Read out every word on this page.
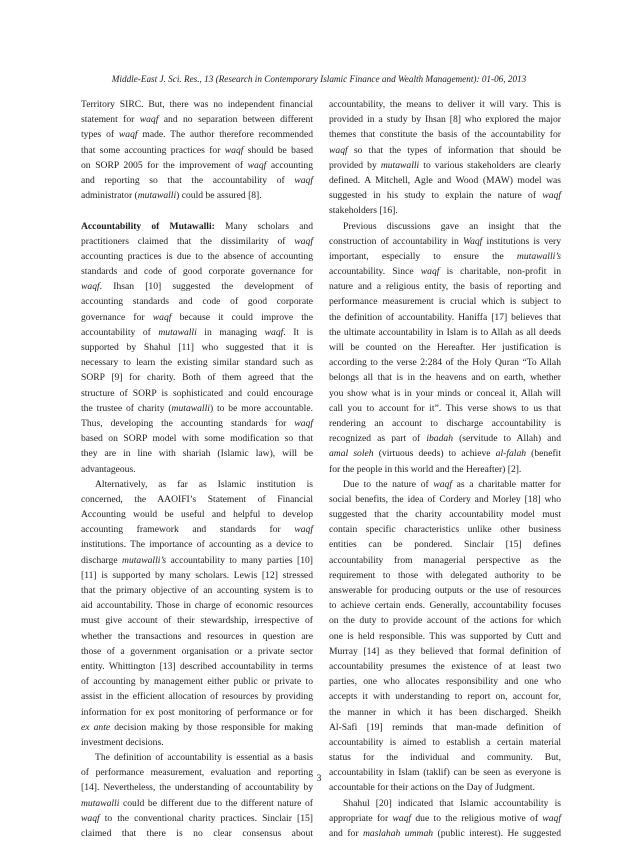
Middle-East J. Sci. Res., 13 (Research in Contemporary Islamic Finance and Wealth Management): 01-06, 2013
Territory SIRC. But, there was no independent financial
statement for waqf and no separation between different
types of waqf made. The author therefore recommended
that some accounting practices for waqf should be based
on SORP 2005 for the improvement of waqf accounting
and reporting so that the accountability of waqf
administrator (mutawalli) could be assured [8].
Accountability of Mutawalli: Many scholars and
practitioners claimed that the dissimilarity of waqf
accounting practices is due to the absence of accounting
standards and code of good corporate governance for
waqf. Ihsan [10] suggested the development of
accounting standards and code of good corporate
governance for waqf because it could improve the
accountability of mutawalli in managing waqf. It is
supported by Shahul [11] who suggested that it is
necessary to learn the existing similar standard such as
SORP [9] for charity. Both of them agreed that the
structure of SORP is sophisticated and could encourage
the trustee of charity (mutawalli) to be more accountable.
Thus, developing the accounting standards for waqf
based on SORP model with some modification so that
they are in line with shariah (Islamic law), will be
advantageous.
Alternatively, as far as Islamic institution is
concerned, the AAOIFI’s Statement of Financial
Accounting would be useful and helpful to develop
accounting framework and standards for waqf
institutions. The importance of accounting as a device to
discharge mutawalli’s accountability to many parties [10]
[11] is supported by many scholars. Lewis [12] stressed
that the primary objective of an accounting system is to
aid accountability. Those in charge of economic resources
must give account of their stewardship, irrespective of
whether the transactions and resources in question are
those of a government organisation or a private sector
entity. Whittington [13] described accountability in terms
of accounting by management either public or private to
assist in the efficient allocation of resources by providing
information for ex post monitoring of performance or for
ex ante decision making by those responsible for making
investment decisions.
The definition of accountability is essential as a basis
of performance measurement, evaluation and reporting
[14]. Nevertheless, the understanding of accountability by
mutawalli could be different due to the different nature of
waqf to the conventional charity practices. Sinclair [15]
claimed that there is no clear consensus about
accountability, the means to deliver it will vary. This is
provided in a study by Ihsan [8] who explored the major
themes that constitute the basis of the accountability for
waqf so that the types of information that should be
provided by mutawalli to various stakeholders are clearly
defined. A Mitchell, Agle and Wood (MAW) model was
suggested in his study to explain the nature of waqf
stakeholders [16].
Previous discussions gave an insight that the
construction of accountability in Waqf institutions is very
important, especially to ensure the mutawalli’s
accountability. Since waqf is charitable, non-profit in
nature and a religious entity, the basis of reporting and
performance measurement is crucial which is subject to
the definition of accountability. Haniffa [17] believes that
the ultimate accountability in Islam is to Allah as all deeds
will be counted on the Hereafter. Her justification is
according to the verse 2:284 of the Holy Quran “To Allah
belongs all that is in the heavens and on earth, whether
you show what is in your minds or conceal it, Allah will
call you to account for it”. This verse shows to us that
rendering an account to discharge accountability is
recognized as part of ibadah (servitude to Allah) and
amal soleh (virtuous deeds) to achieve al-falah (benefit
for the people in this world and the Hereafter) [2].
Due to the nature of waqf as a charitable matter for
social benefits, the idea of Cordery and Morley [18] who
suggested that the charity accountability model must
contain specific characteristics unlike other business
entities can be pondered. Sinclair [15] defines
accountability from managerial perspective as the
requirement to those with delegated authority to be
answerable for producing outputs or the use of resources
to achieve certain ends. Generally, accountability focuses
on the duty to provide account of the actions for which
one is held responsible. This was supported by Cutt and
Murray [14] as they believed that formal definition of
accountability presumes the existence of at least two
parties, one who allocates responsibility and one who
accepts it with understanding to report on, account for,
the manner in which it has been discharged. Sheikh
Al-Safi [19] reminds that man-made definition of
accountability is aimed to establish a certain material
status for the individual and community. But,
accountability in Islam (taklif) can be seen as everyone is
accountable for their actions on the Day of Judgment.
Shahul [20] indicated that Islamic accountability is
appropriate for waqf due to the religious motive of waqf
and for maslahah ummah (public interest). He suggested
3
